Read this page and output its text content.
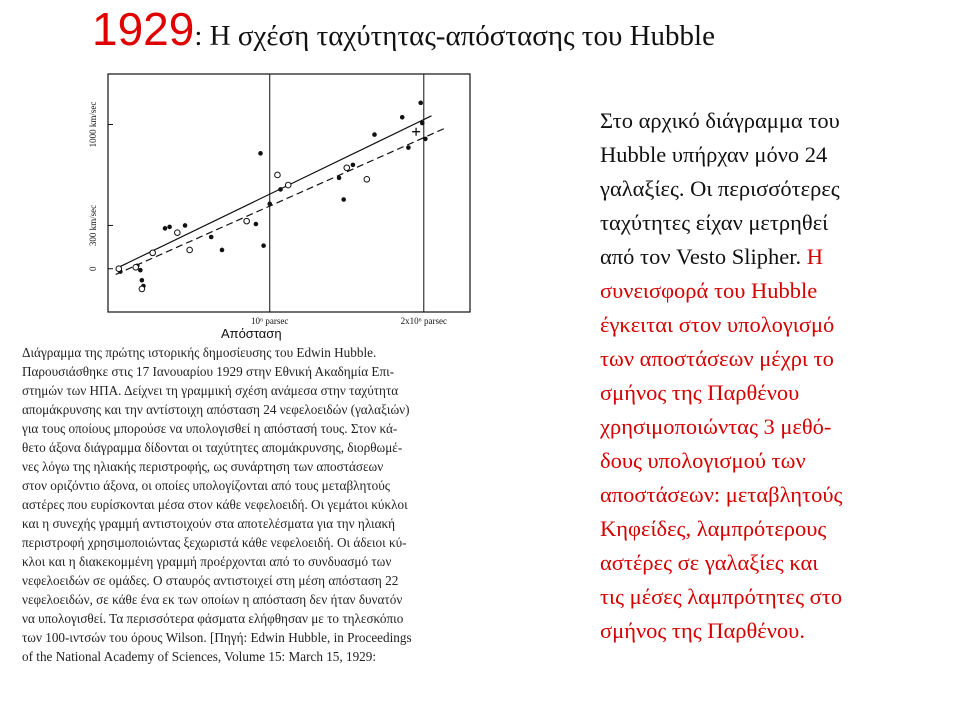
1929: Η σχέση ταχύτητας-απόστασης του Hubble
10⁶ parsec	2x10⁶ parsec
0
300 km/sec
1000 km/sec
Απόσταση
Διάγραμμα της πρώτης ιστορικής δημοσίευσης του Edwin Hubble.
Παρουσιάσθηκε στις 17 Ιανουαρίου 1929 στην Εθνική Ακαδημία Επι-
στημών των ΗΠΑ. Δείχνει τη γραμμική σχέση ανάμεσα στην ταχύτητα
απομάκρυνσης και την αντίστοιχη απόσταση 24 νεφελοειδών (γαλαξιών)
για τους οποίους μπορούσε να υπολογισθεί η απόστασή τους. Στον κά-
θετο άξονα διάγραμμα δίδονται οι ταχύτητες απομάκρυνσης, διορθωμέ-
νες λόγω της ηλιακής περιστροφής, ως συνάρτηση των αποστάσεων
στον οριζόντιο άξονα, οι οποίες υπολογίζονται από τους μεταβλητούς
αστέρες που ευρίσκονται μέσα στον κάθε νεφελοειδή. Οι γεμάτοι κύκλοι
και η συνεχής γραμμή αντιστοιχούν στα αποτελέσματα για την ηλιακή
περιστροφή χρησιμοποιώντας ξεχωριστά κάθε νεφελοειδή. Οι άδειοι κύ-
κλοι και η διακεκομμένη γραμμή προέρχονται από το συνδυασμό των
νεφελοειδών σε ομάδες. Ο σταυρός αντιστοιχεί στη μέση απόσταση 22
νεφελοειδών, σε κάθε ένα εκ των οποίων η απόσταση δεν ήταν δυνατόν
να υπολογισθεί. Τα περισσότερα φάσματα ελήφθησαν με το τηλεσκόπιο
των 100-ιντσών του όρους Wilson. [Πηγή: Edwin Hubble, in Proceedings
of the National Academy of Sciences, Volume 15: March 15, 1929:
Στο αρχικό διάγραμμα του
Hubble υπήρχαν μόνο 24
γαλαξίες. Οι περισσότερες
ταχύτητες είχαν μετρηθεί
από τον Vesto Slipher. Η
συνεισφορά του Hubble
έγκειται στον υπολογισμό
των αποστάσεων μέχρι το
σμήνος της Παρθένου
χρησιμοποιώντας 3 μεθό-
δους υπολογισμού των
αποστάσεων: μεταβλητούς
Κηφείδες, λαμπρότερους
αστέρες σε γαλαξίες και
τις μέσες λαμπρότητες στο
σμήνος της Παρθένου.
